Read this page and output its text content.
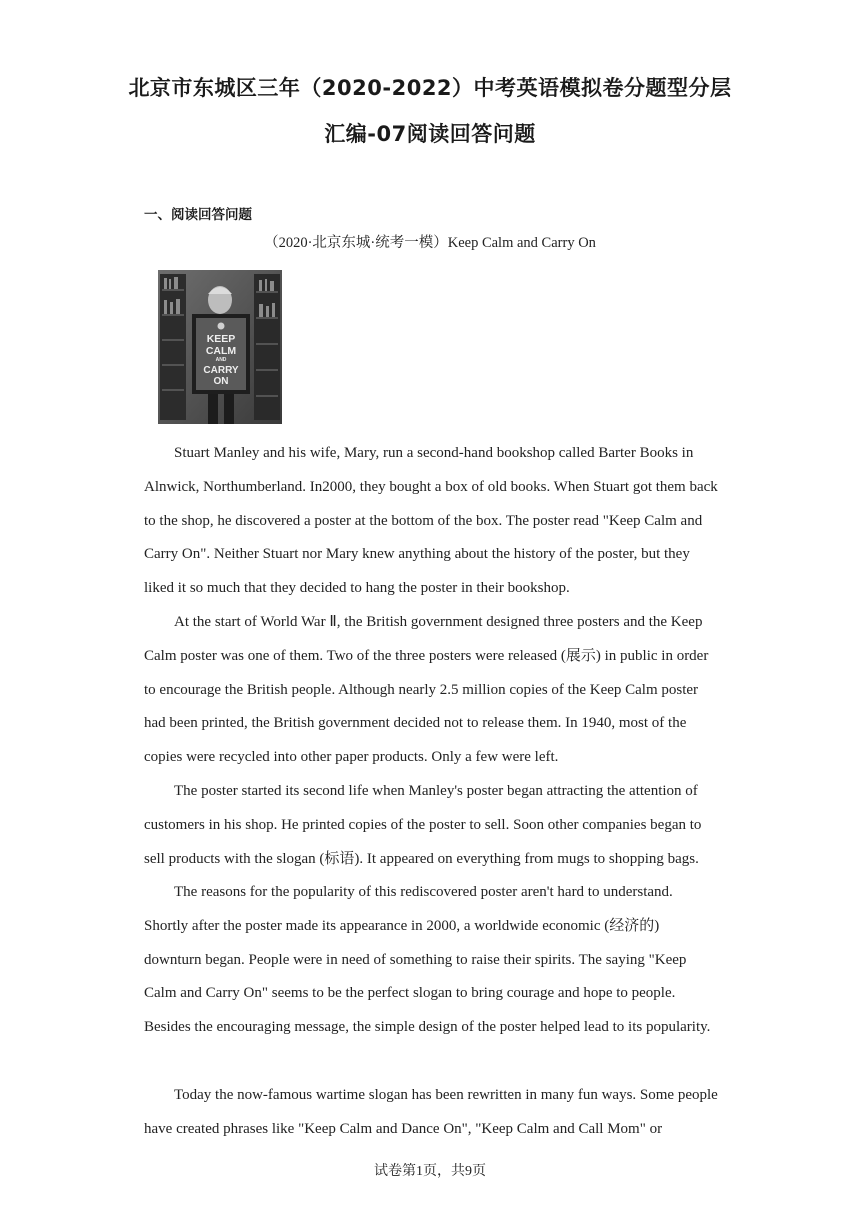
北京市东城区三年（2020-2022）中考英语模拟卷分题型分层
汇编-07阅读回答问题
一、阅读回答问题
（2020·北京东城·统考一模）Keep Calm and Carry On
KEEP
CALM
AND
CARRY
ON

Stuart Manley and his wife, Mary, run a second-hand bookshop called Barter Books in Alnwick, Northumberland. In2000, they bought a box of old books. When Stuart got them back to the shop, he discovered a poster at the bottom of the box. The poster read "Keep Calm and Carry On". Neither Stuart nor Mary knew anything about the history of the poster, but they liked it so much that they decided to hang the poster in their bookshop.

At the start of World War Ⅱ, the British government designed three posters and the Keep Calm poster was one of them. Two of the three posters were released (展示) in public in order to encourage the British people. Although nearly 2.5 million copies of the Keep Calm poster had been printed, the British government decided not to release them. In 1940, most of the copies were recycled into other paper products. Only a few were left.

The poster started its second life when Manley's poster began attracting the attention of customers in his shop. He printed copies of the poster to sell. Soon other companies began to sell products with the slogan (标语). It appeared on everything from mugs to shopping bags.

The reasons for the popularity of this rediscovered poster aren't hard to understand. Shortly after the poster made its appearance in 2000, a worldwide economic (经济的) downturn began. People were in need of something to raise their spirits. The saying "Keep Calm and Carry On" seems to be the perfect slogan to bring courage and hope to people. Besides the encouraging message, the simple design of the poster helped lead to its popularity.

Today the now-famous wartime slogan has been rewritten in many fun ways. Some people have created phrases like "Keep Calm and Dance On", "Keep Calm and Call Mom" or

试卷第1页，共9页
